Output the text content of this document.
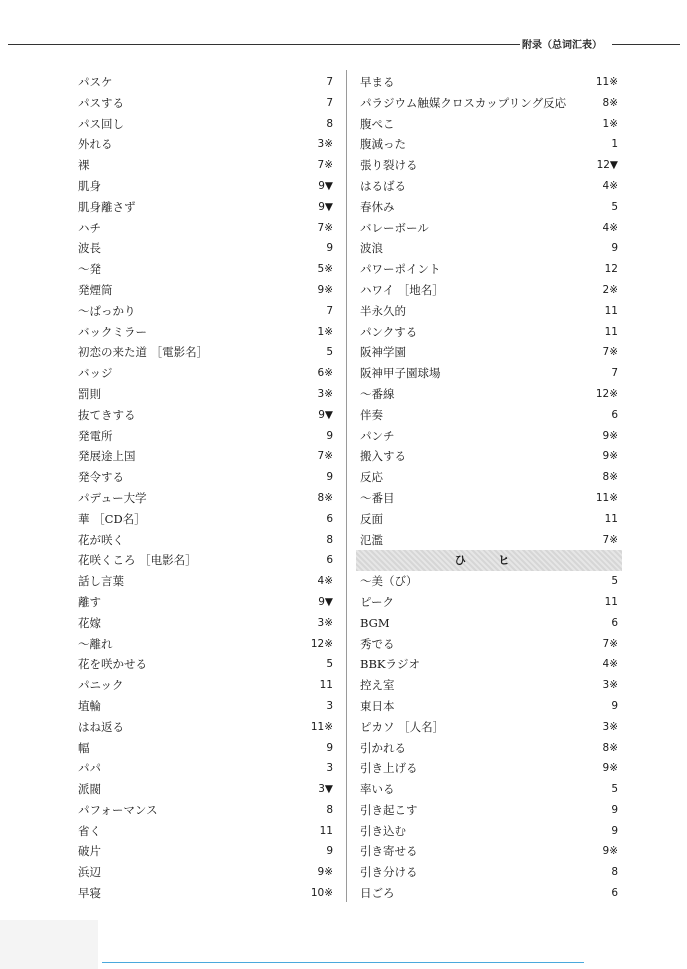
附录（总词汇表）
パスケ	7
パスする	7
パス回し	8
外れる	3※
裸	7※
肌身	9▼
肌身離さず	9▼
ハチ	7※
波長	9
～発	5※
発煙筒	9※
～ぱっかり	7
バックミラー	1※
初恋の来た道 ［電影名］	5
バッジ	6※
罰則	3※
抜てきする	9▼
発電所	9
発展途上国	7※
発令する	9
パデュー大学	8※
華 ［CD名］	6
花が咲く	8
花咲くころ ［电影名］	6
話し言葉	4※
離す	9▼
花嫁	3※
～離れ	12※
花を咲かせる	5
パニック	11
埴輪	3
はね返る	11※
幅	9
パパ	3
派閥	3▼
パフォーマンス	8
省く	11
破片	9
浜辺	9※
早寝	10※
早まる	11※
パラジウム触媒クロスカップリング反応	8※
腹ぺこ	1※
腹減った	1
張り裂ける	12▼
はるばる	4※
春休み	5
バレーボール	4※
波浪	9
パワーポイント	12
ハワイ ［地名］	2※
半永久的	11
パンクする	11
阪神学園	7※
阪神甲子園球場	7
～番線	12※
伴奏	6
パンチ	9※
搬入する	9※
反応	8※
～番目	11※
反面	11
氾濫	7※
ひ ヒ
～美（び）	5
ピーク	11
BGM	6
秀でる	7※
BBKラジオ	4※
控え室	3※
東日本	9
ピカソ ［人名］	3※
引かれる	8※
引き上げる	9※
率いる	5
引き起こす	9
引き込む	9
引き寄せる	9※
引き分ける	8
日ごろ	6
